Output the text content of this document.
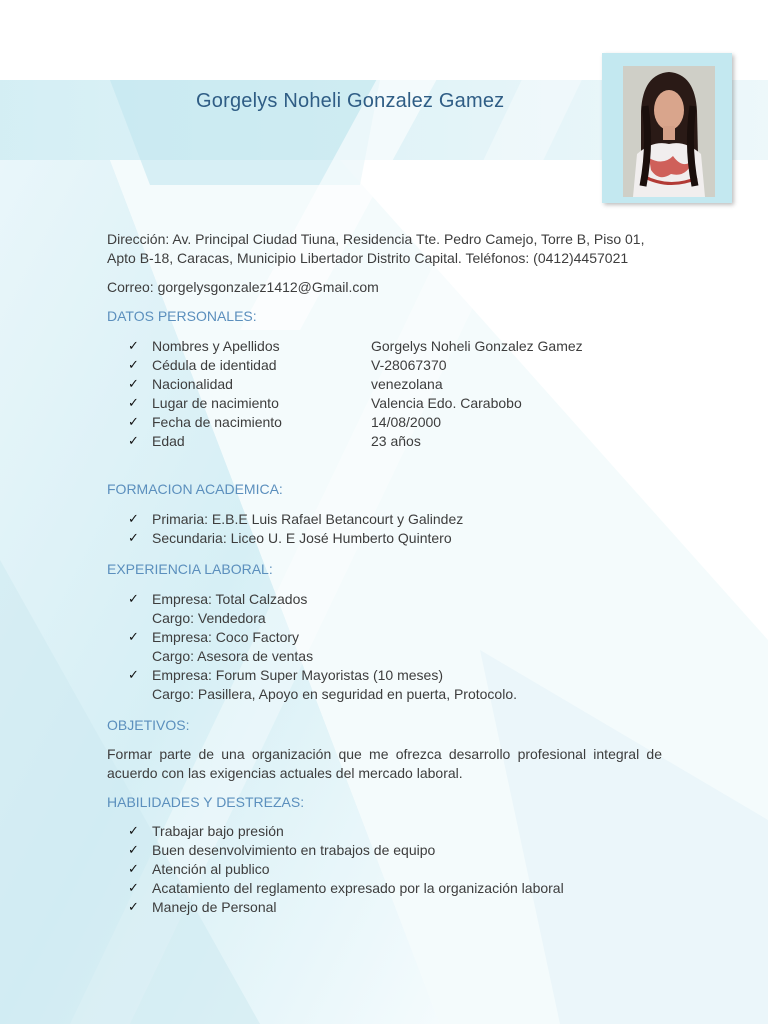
Gorgelys Noheli Gonzalez Gamez
Dirección: Av. Principal Ciudad Tiuna, Residencia Tte. Pedro Camejo, Torre B, Piso 01,
Apto B-18, Caracas, Municipio Libertador Distrito Capital. Teléfonos: (0412)4457021
Correo: gorgelysgonzalez1412@Gmail.com
DATOS PERSONALES:
✓ Nombres y Apellidos	Gorgelys Noheli Gonzalez Gamez
✓ Cédula de identidad	V-28067370
✓ Nacionalidad	venezolana
✓ Lugar de nacimiento	Valencia Edo. Carabobo
✓ Fecha de nacimiento	14/08/2000
✓ Edad	23 años
FORMACION ACADEMICA:
✓ Primaria: E.B.E Luis Rafael Betancourt y Galindez
✓ Secundaria: Liceo U. E José Humberto Quintero
EXPERIENCIA LABORAL:
✓ Empresa: Total Calzados
Cargo: Vendedora
✓ Empresa: Coco Factory
Cargo: Asesora de ventas
✓ Empresa: Forum Super Mayoristas (10 meses)
Cargo: Pasillera, Apoyo en seguridad en puerta, Protocolo.
OBJETIVOS:
Formar parte de una organización que me ofrezca desarrollo profesional integral de
acuerdo con las exigencias actuales del mercado laboral.
HABILIDADES Y DESTREZAS:
✓ Trabajar bajo presión
✓ Buen desenvolvimiento en trabajos de equipo
✓ Atención al publico
✓ Acatamiento del reglamento expresado por la organización laboral
✓ Manejo de Personal
